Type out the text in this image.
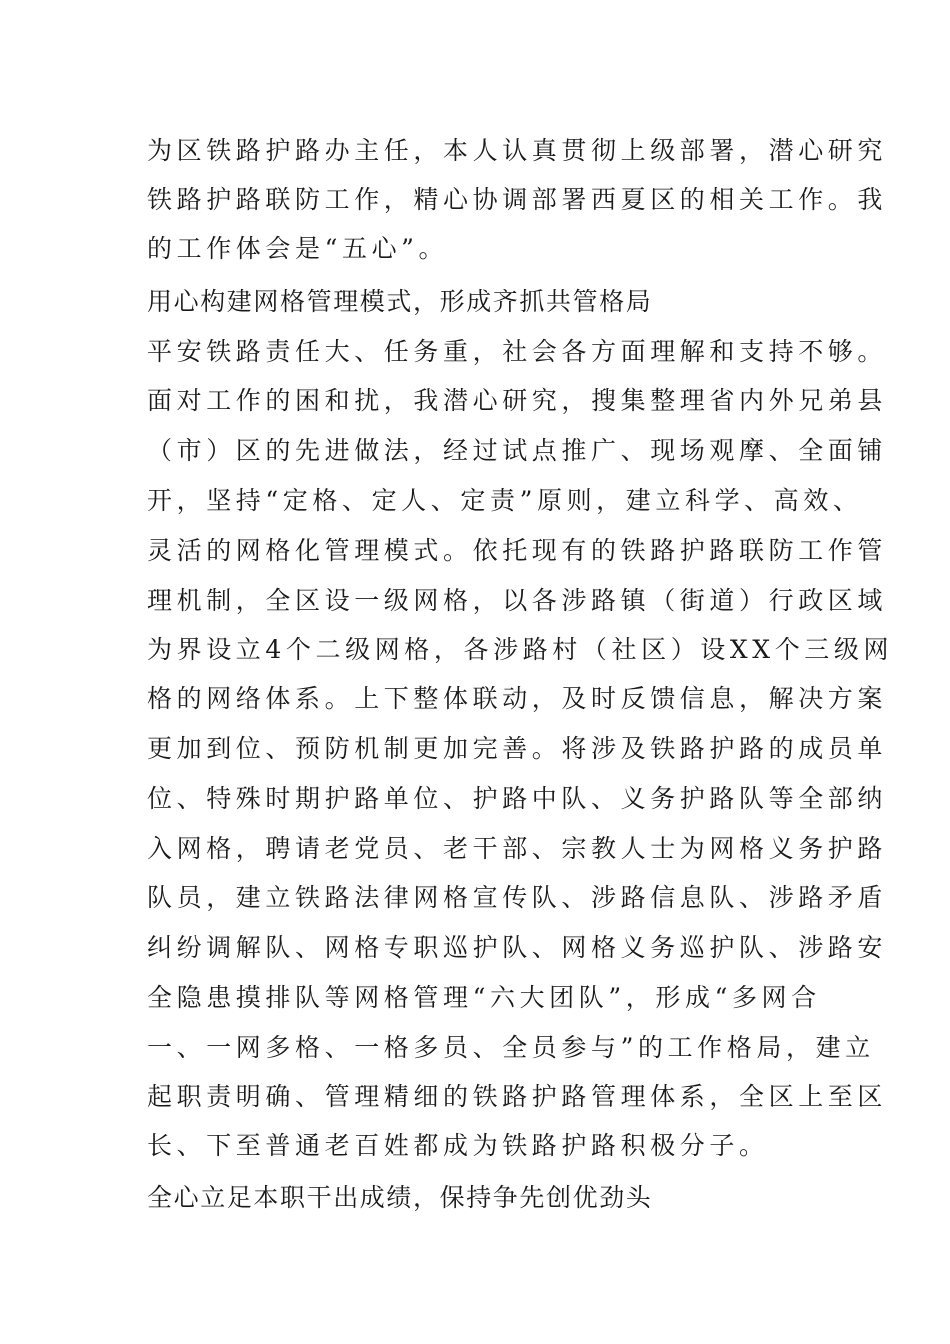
为区铁路护路办主任，本人认真贯彻上级部署，潜心研究
铁路护路联防工作，精心协调部署西夏区的相关工作。我
的工作体会是“五心”。
用心构建网格管理模式，形成齐抓共管格局
平安铁路责任大、任务重，社会各方面理解和支持不够。
面对工作的困和扰，我潜心研究，搜集整理省内外兄弟县
（市）区的先进做法，经过试点推广、现场观摩、全面铺
开，坚持“定格、定人、定责”原则，建立科学、高效、
灵活的网格化管理模式。依托现有的铁路护路联防工作管
理机制，全区设一级网格，以各涉路镇（街道）行政区域
为界设立4个二级网格，各涉路村（社区）设XX个三级网
格的网络体系。上下整体联动，及时反馈信息，解决方案
更加到位、预防机制更加完善。将涉及铁路护路的成员单
位、特殊时期护路单位、护路中队、义务护路队等全部纳
入网格，聘请老党员、老干部、宗教人士为网格义务护路
队员，建立铁路法律网格宣传队、涉路信息队、涉路矛盾
纠纷调解队、网格专职巡护队、网格义务巡护队、涉路安
全隐患摸排队等网格管理“六大团队”，形成“多网合
一、一网多格、一格多员、全员参与”的工作格局，建立
起职责明确、管理精细的铁路护路管理体系，全区上至区
长、下至普通老百姓都成为铁路护路积极分子。
全心立足本职干出成绩，保持争先创优劲头
